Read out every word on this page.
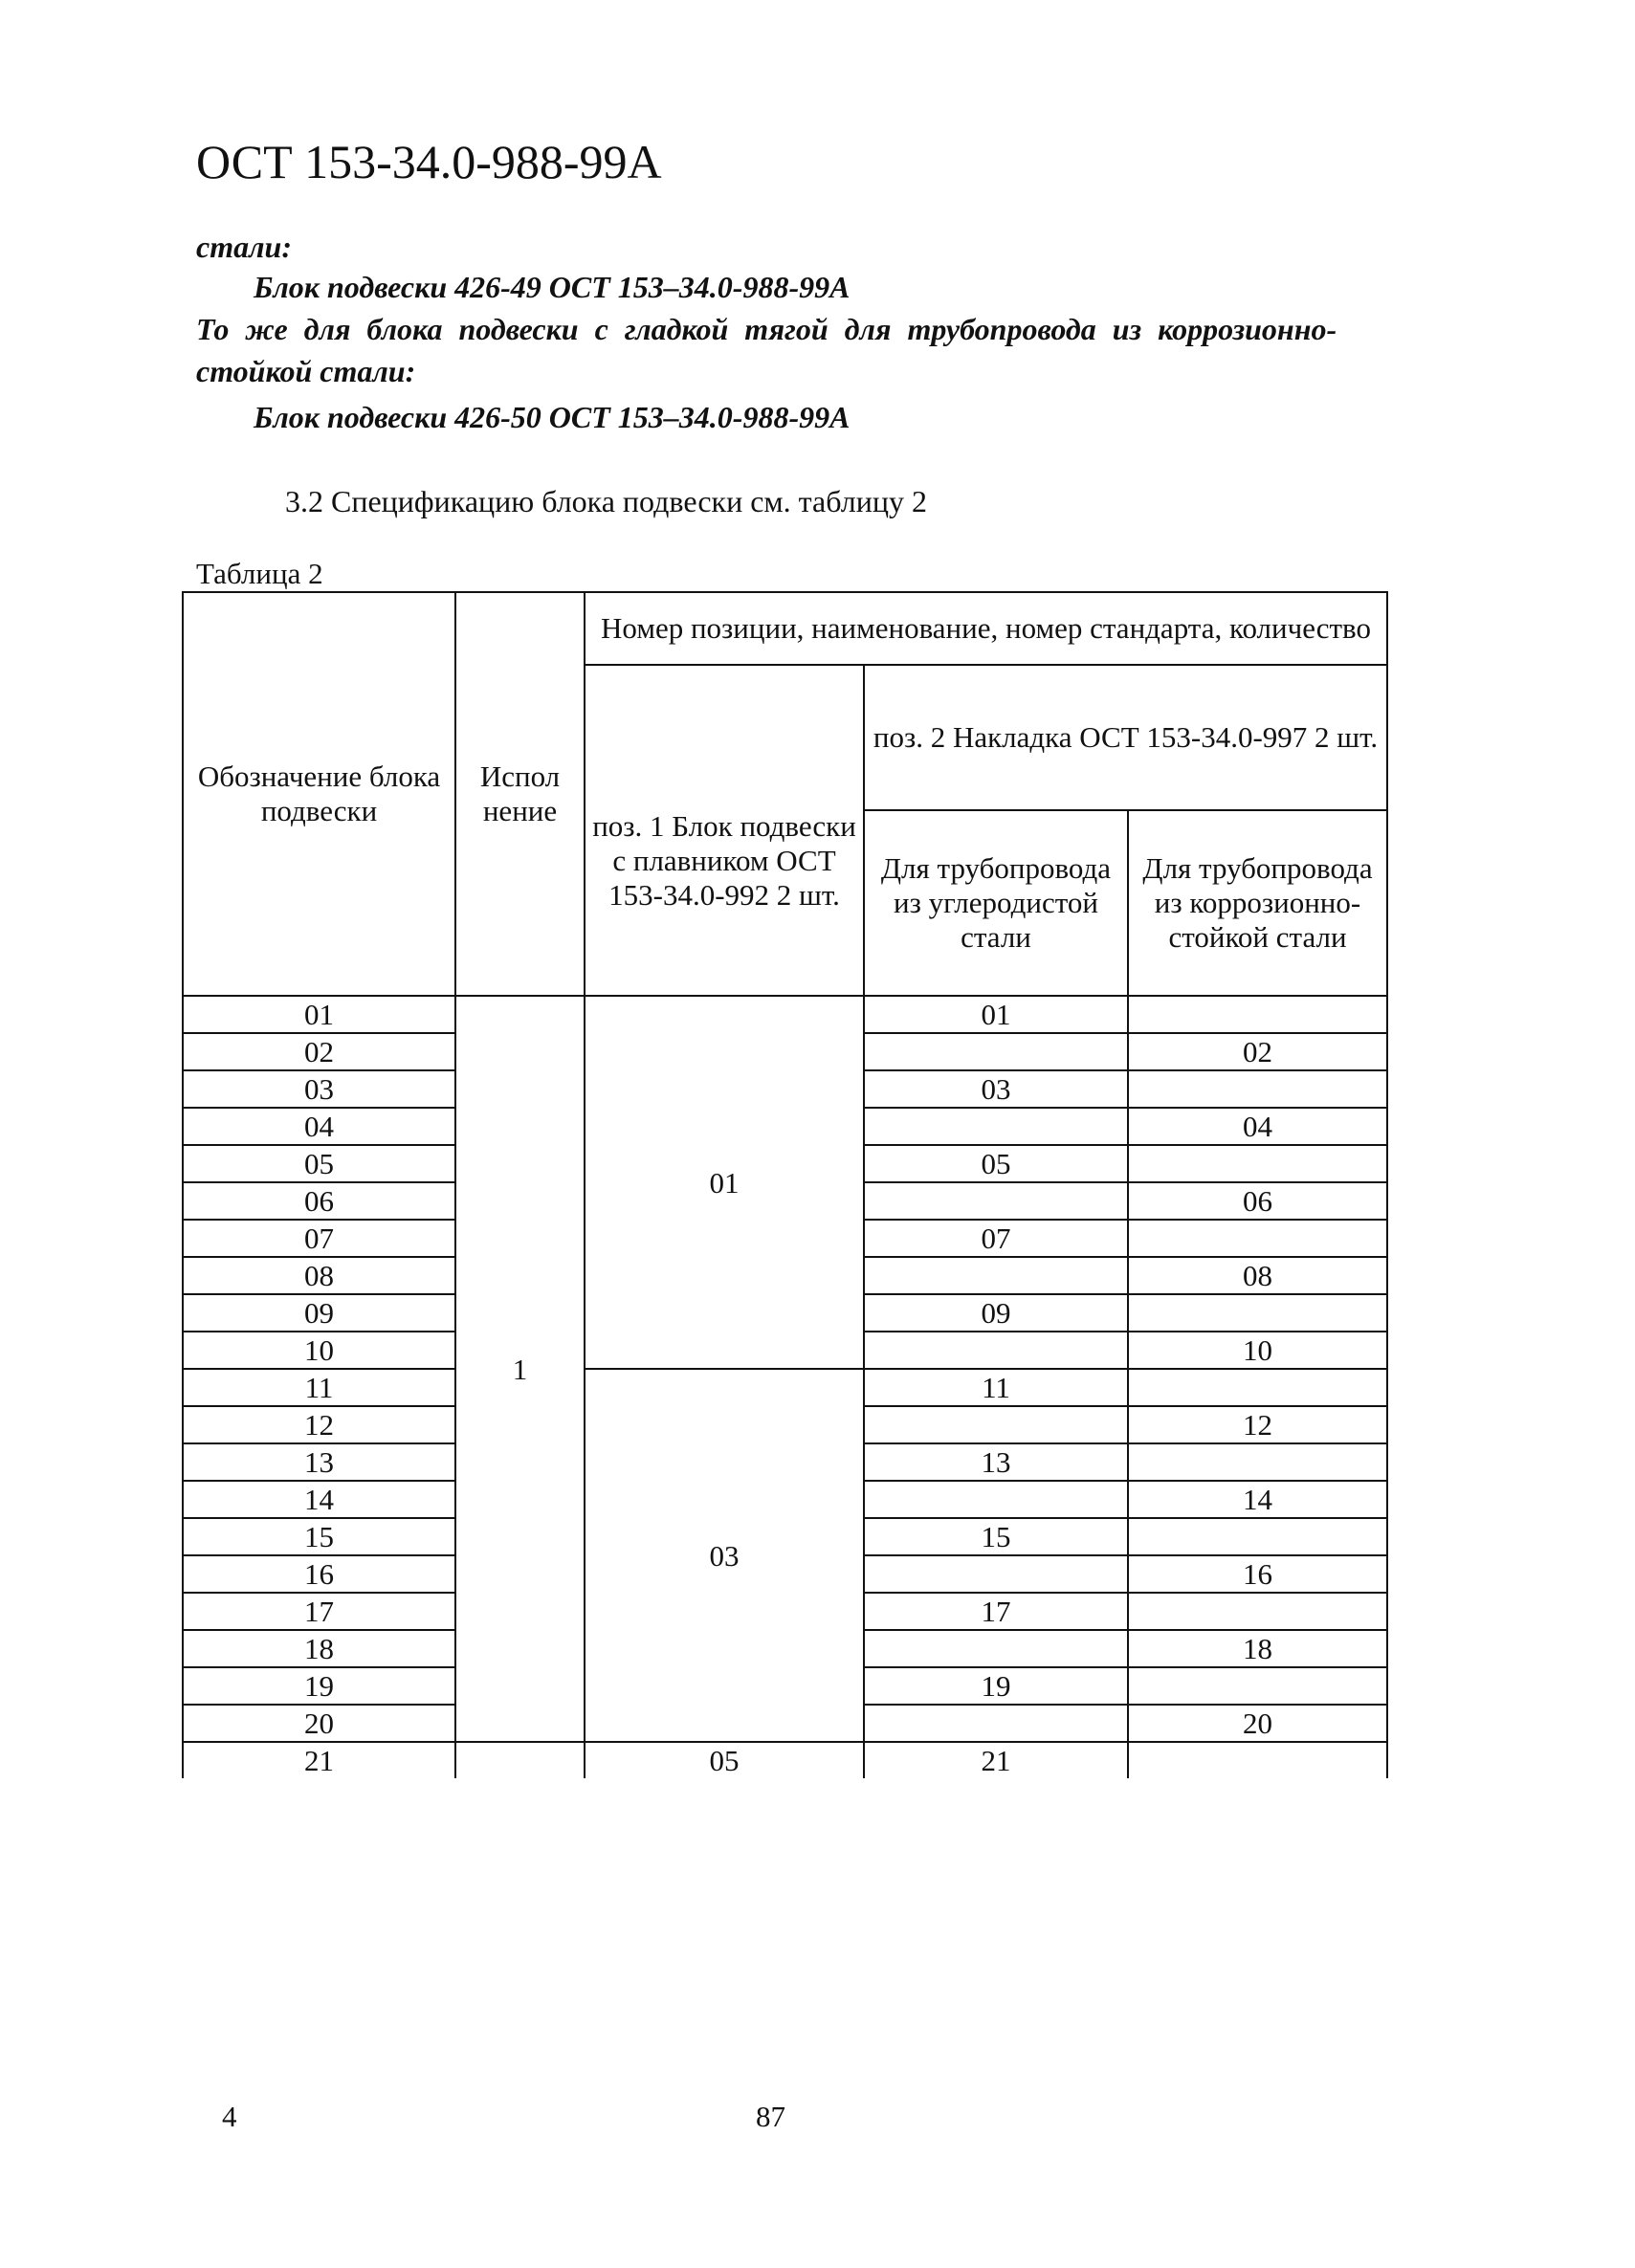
ОСТ 153-34.0-988-99А
стали:
Блок подвески 426-49 ОСТ 153–34.0-988-99А
То же для блока подвески с гладкой тягой для трубопровода из коррозионно-
стойкой стали:
Блок подвески 426-50 ОСТ 153–34.0-988-99А
3.2 Спецификацию блока подвески см. таблицу 2
Таблица 2
Обозначение блока подвески	Испол нение	Номер позиции, наименование, номер стандарта, количество		
		поз. 1 Блок подвески с плавником ОСТ 153-34.0-992 2 шт.	поз. 2 Накладка ОСТ 153-34.0-997 2 шт.	
			Для трубопровода из углеродистой стали	Для трубопровода из коррозионно-стойкой стали
01	1	01	01	
02				02
03			03	
04				04
05			05	
06				06
07			07	
08				08
09			09	
10				10
11		03	11	
12				12
13			13	
14				14
15			15	
16				16
17			17	
18				18
19			19	
20				20
21		05	21	
4	87
